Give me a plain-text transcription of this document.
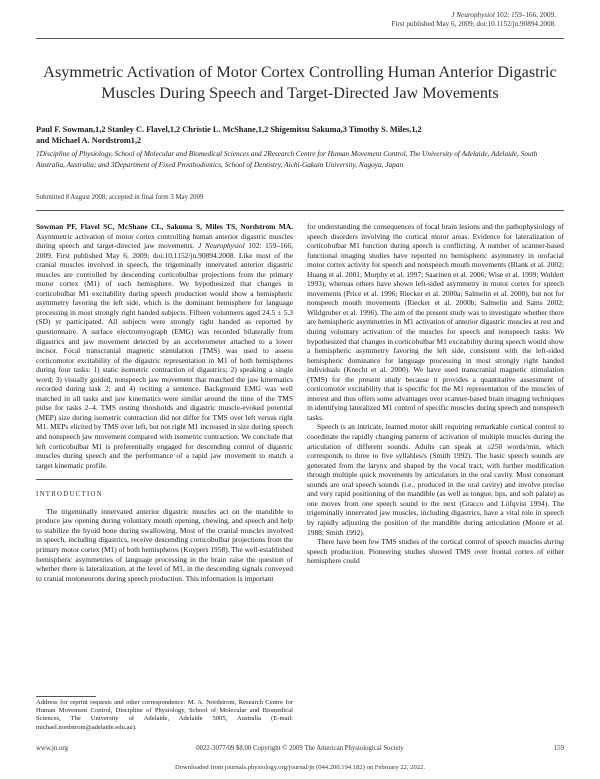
J Neurophysiol 102: 159–166, 2009.
First published May 6, 2009; doi:10.1152/jn.90894.2008.
Asymmetric Activation of Motor Cortex Controlling Human Anterior Digastric Muscles During Speech and Target-Directed Jaw Movements
Paul F. Sowman,1,2 Stanley C. Flavel,1,2 Christie L. McShane,1,2 Shigemitsu Sakuma,3 Timothy S. Miles,1,2
and Michael A. Nordstrom1,2
1Discipline of Physiology, School of Molecular and Biomedical Sciences and 2Research Centre for Human Movement Control, The University of Adelaide, Adelaide, South Australia, Australia; and 3Department of Fixed Prosthodontics, School of Dentistry, Aichi-Gakuin University, Nagoya, Japan
Submitted 8 August 2008; accepted in final form 3 May 2009

Sowman PF, Flavel SC, McShane CL, Sakuma S, Miles TS, Nordstrom MA. Asymmetric activation of motor cortex controlling human anterior digastric muscles during speech and target-directed jaw movements. J Neurophysiol 102: 159–166, 2009. First published May 6, 2009; doi:10.1152/jn.90894.2008. Like most of the cranial muscles involved in speech, the trigeminally innervated anterior digastric muscles are controlled by descending corticobulbar projections from the primary motor cortex (M1) of each hemisphere. We hypothesized that changes in corticobulbar M1 excitability during speech production would show a hemispheric asymmetry favoring the left side, which is the dominant hemisphere for language processing in most strongly right handed subjects. Fifteen volunteers aged 24.5 ± 5.3 (SD) yr participated. All subjects were strongly right handed as reported by questionnaire. A surface electromyograph (EMG) was recorded bilaterally from digastrics and jaw movement detected by an accelerometer attached to a lower incisor. Focal transcranial magnetic stimulation (TMS) was used to assess corticomotor excitability of the digastric representation in M1 of both hemispheres during four tasks: 1) static isometric contraction of digastrics; 2) speaking a single word; 3) visually guided, nonspeech jaw movement that matched the jaw kinematics recorded during task 2; and 4) reciting a sentence. Background EMG was well matched in all tasks and jaw kinematics were similar around the time of the TMS pulse for tasks 2–4. TMS resting thresholds and digastric muscle-evoked potential (MEP) size during isometric contraction did not differ for TMS over left versus right M1. MEPs elicited by TMS over left, but not right M1 increased in size during speech and nonspeech jaw movement compared with isometric contraction. We conclude that left corticobulbar M1 is preferentially engaged for descending control of digastric muscles during speech and the performance of a rapid jaw movement to match a target kinematic profile.

INTRODUCTION

The trigeminally innervated anterior digastric muscles act on the mandible to produce jaw opening during voluntary mouth opening, chewing, and speech and help to stabilize the hyoid bone during swallowing. Most of the cranial muscles involved in speech, including digastrics, receive descending corticobulbar projections from the primary motor cortex (M1) of both hemispheres (Kuypers 1958). The well-established hemispheric asymmetries of language processing in the brain raise the question of whether there is lateralization, at the level of M1, in the descending signals conveyed to cranial motoneurons during speech production. This information is important

for understanding the consequences of focal brain lesions and the pathophysiology of speech disorders involving the cortical motor areas. Evidence for lateralization of corticobulbar M1 function during speech is conflicting. A number of scanner-based functional imaging studies have reported no hemispheric asymmetry in orofacial motor cortex activity for speech and nonspeech mouth movements (Blank et al. 2002; Huang et al. 2001; Murphy et al. 1997; Saarinen et al. 2006; Wise et al. 1999; Wohlert 1993), whereas others have shown left-sided asymmetry in motor cortex for speech movements (Price et al. 1996; Riecker et al. 2000a; Salmelin et al. 2000), but not for nonspeech mouth movements (Riecker et al. 2000b; Salmelin and Sams 2002; Wildgruber et al. 1996). The aim of the present study was to investigate whether there are hemispheric asymmetries in M1 activation of anterior digastric muscles at rest and during voluntary activation of the muscles for speech and nonspeech tasks. We hypothesized that changes in corticobulbar M1 excitability during speech would show a hemispheric asymmetry favoring the left side, consistent with the left-sided hemispheric dominance for language processing in most strongly right handed individuals (Knecht et al. 2000). We have used transcranial magnetic stimulation (TMS) for the present study because it provides a quantitative assessment of corticomotor excitability that is specific for the M1 representation of the muscles of interest and thus offers some advantages over scanner-based brain imaging techniques in identifying lateralized M1 control of specific muscles during speech and nonspeech tasks.

Speech is an intricate, learned motor skill requiring remarkable cortical control to coordinate the rapidly changing patterns of activation of multiple muscles during the articulation of different sounds. Adults can speak at ≤250 words/min, which corresponds to three to five syllables/s (Smith 1992). The basic speech sounds are generated from the larynx and shaped by the vocal tract, with further modification through multiple quick movements by articulators in the oral cavity. Most consonant sounds are oral speech sounds (i.e., produced in the oral cavity) and involve precise and very rapid positioning of the mandible (as well as tongue, lips, and soft palate) as one moves from one speech sound to the next (Gracco and Löfqvist 1994). The trigeminally innervated jaw muscles, including digastrics, have a vital role in speech by rapidly adjusting the position of the mandible during articulation (Moore et al. 1988; Smith 1992).

There have been few TMS studies of the cortical control of speech muscles during speech production. Pioneering studies showed TMS over frontal cortex of either hemisphere could

Address for reprint requests and other correspondence: M. A. Nordstrom, Research Centre for Human Movement Control, Discipline of Physiology, School of Molecular and Biomedical Sciences, The University of Adelaide, Adelaide 5005, Australia (E-mail: michael.nordstrom@adelaide.edu.au).
www.jn.org	0022-3077/09 $8.00 Copyright © 2009 The American Physiological Society	159
Downloaded from journals.physiology.org/journal/jn (044.200.194.182) on February 22, 2022.
